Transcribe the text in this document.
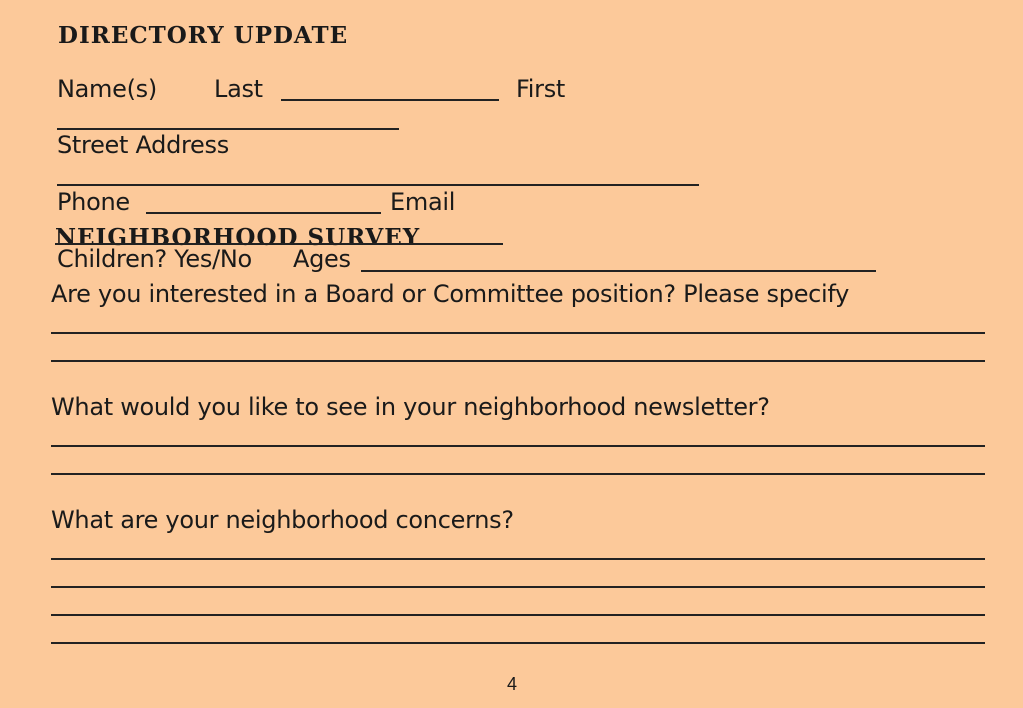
DIRECTORY UPDATE
Name(s) Last	First
Street Address
Phone	Email
NEIGHBORHOOD SURVEY
Children? Yes/No Ages
Are you interested in a Board or Committee position? Please specify
What would you like to see in your neighborhood newsletter?
What are your neighborhood concerns?
4
